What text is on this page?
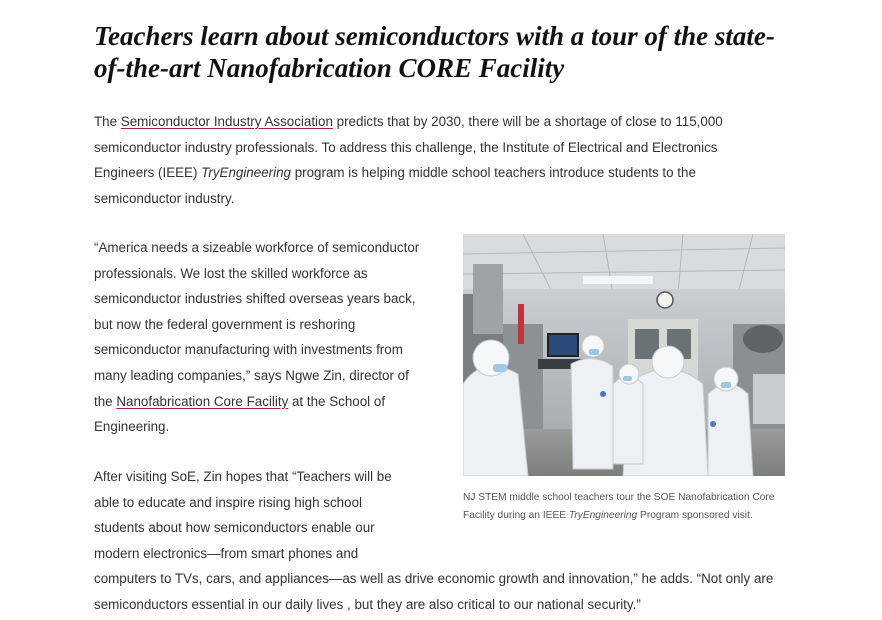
Teachers learn about semiconductors with a tour of the state-of-the-art Nanofabrication CORE Facility

The Semiconductor Industry Association predicts that by 2030, there will be a shortage of close to 115,000 semiconductor industry professionals. To address this challenge, the Institute of Electrical and Electronics Engineers (IEEE) TryEngineering program is helping middle school teachers introduce students to the semiconductor industry.

“America needs a sizeable workforce of semiconductor professionals. We lost the skilled workforce as semiconductor industries shifted overseas years back, but now the federal government is reshoring semiconductor manufacturing with investments from many leading companies,” says Ngwe Zin, director of the Nanofabrication Core Facility at the School of Engineering.

After visiting SoE, Zin hopes that “Teachers will be able to educate and inspire rising high school students about how semiconductors enable our modern electronics—from smart phones and
computers to TVs, cars, and appliances—as well as drive economic growth and innovation,” he adds. “Not only are semiconductors essential in our daily lives , but they are also critical to our national security.”

NJ STEM middle school teachers tour the SOE Nanofabrication Core Facility during an IEEE TryEngineering Program sponsored visit.
